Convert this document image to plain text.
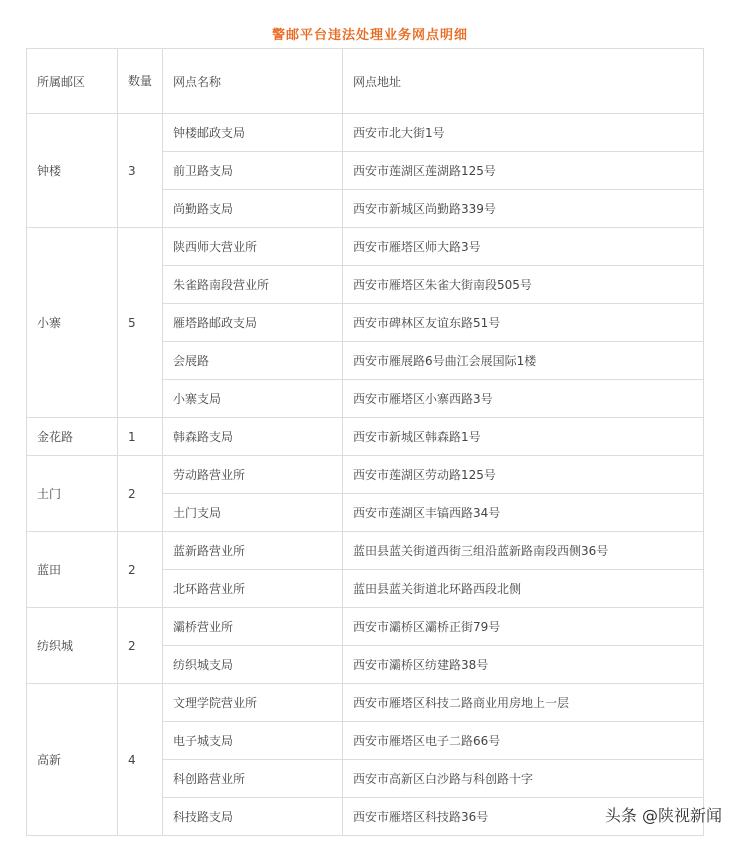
警邮平台违法处理业务网点明细
所属邮区	数量	网点名称	网点地址
钟楼	3	钟楼邮政支局	西安市北大街1号
		前卫路支局	西安市莲湖区莲湖路125号
		尚勤路支局	西安市新城区尚勤路339号
小寨	5	陕西师大营业所	西安市雁塔区师大路3号
		朱雀路南段营业所	西安市雁塔区朱雀大街南段505号
		雁塔路邮政支局	西安市碑林区友谊东路51号
		会展路	西安市雁展路6号曲江会展国际1楼
		小寨支局	西安市雁塔区小寨西路3号
金花路	1	韩森路支局	西安市新城区韩森路1号
土门	2	劳动路营业所	西安市莲湖区劳动路125号
		土门支局	西安市莲湖区丰镐西路34号
蓝田	2	蓝新路营业所	蓝田县蓝关街道西街三组沿蓝新路南段西侧36号
		北环路营业所	蓝田县蓝关街道北环路西段北侧
纺织城	2	灞桥营业所	西安市灞桥区灞桥正街79号
		纺织城支局	西安市灞桥区纺建路38号
高新	4	文理学院营业所	西安市雁塔区科技二路商业用房地上一层
		电子城支局	西安市雁塔区电子二路66号
		科创路营业所	西安市高新区白沙路与科创路十字
		科技路支局	西安市雁塔区科技路36号	头条 @陕视新闻
